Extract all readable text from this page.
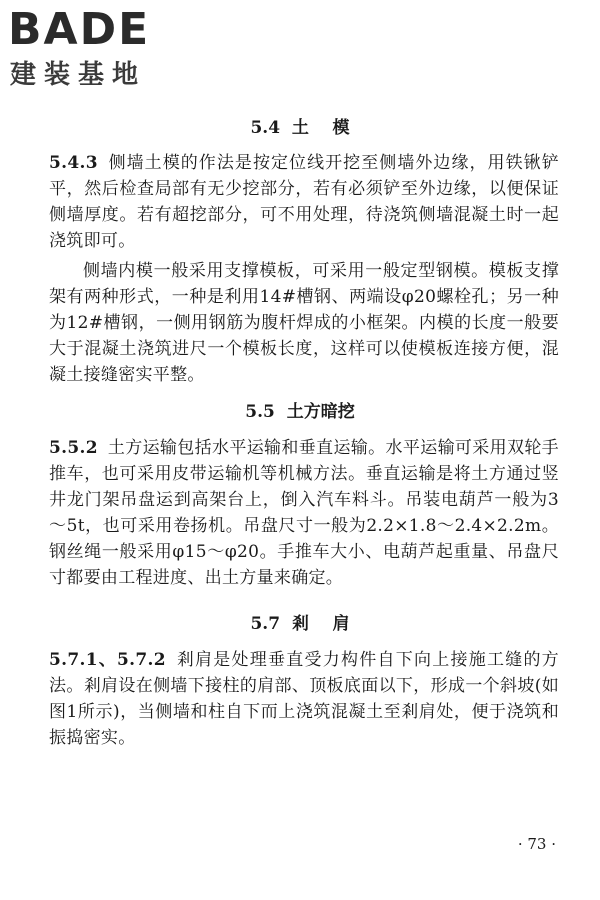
BADE
建装基地
5.4  土    模
5.4.3 侧墙土模的作法是按定位线开挖至侧墙外边缘，用铁锹铲平，然后检查局部有无少挖部分，若有必须铲至外边缘，以便保证侧墙厚度。若有超挖部分，可不用处理，待浇筑侧墙混凝土时一起浇筑即可。
侧墙内模一般采用支撑模板，可采用一般定型钢模。模板支撑架有两种形式，一种是利用14#槽钢、两端设φ20螺栓孔；另一种为12#槽钢，一侧用钢筋为腹杆焊成的小框架。内模的长度一般要大于混凝土浇筑进尺一个模板长度，这样可以使模板连接方便，混凝土接缝密实平整。
5.5  土方暗挖
5.5.2 土方运输包括水平运输和垂直运输。水平运输可采用双轮手推车，也可采用皮带运输机等机械方法。垂直运输是将土方通过竖井龙门架吊盘运到高架台上，倒入汽车料斗。吊装电葫芦一般为3～5t，也可采用卷扬机。吊盘尺寸一般为2.2×1.8～2.4×2.2m。钢丝绳一般采用φ15～φ20。手推车大小、电葫芦起重量、吊盘尺寸都要由工程进度、出土方量来确定。
5.7  剎    肩
5.7.1、5.7.2 剎肩是处理垂直受力构件自下向上接施工缝的方法。剎肩设在侧墙下接柱的肩部、顶板底面以下，形成一个斜坡(如图1所示)，当侧墙和柱自下而上浇筑混凝土至剎肩处，便于浇筑和振捣密实。
· 73 ·
